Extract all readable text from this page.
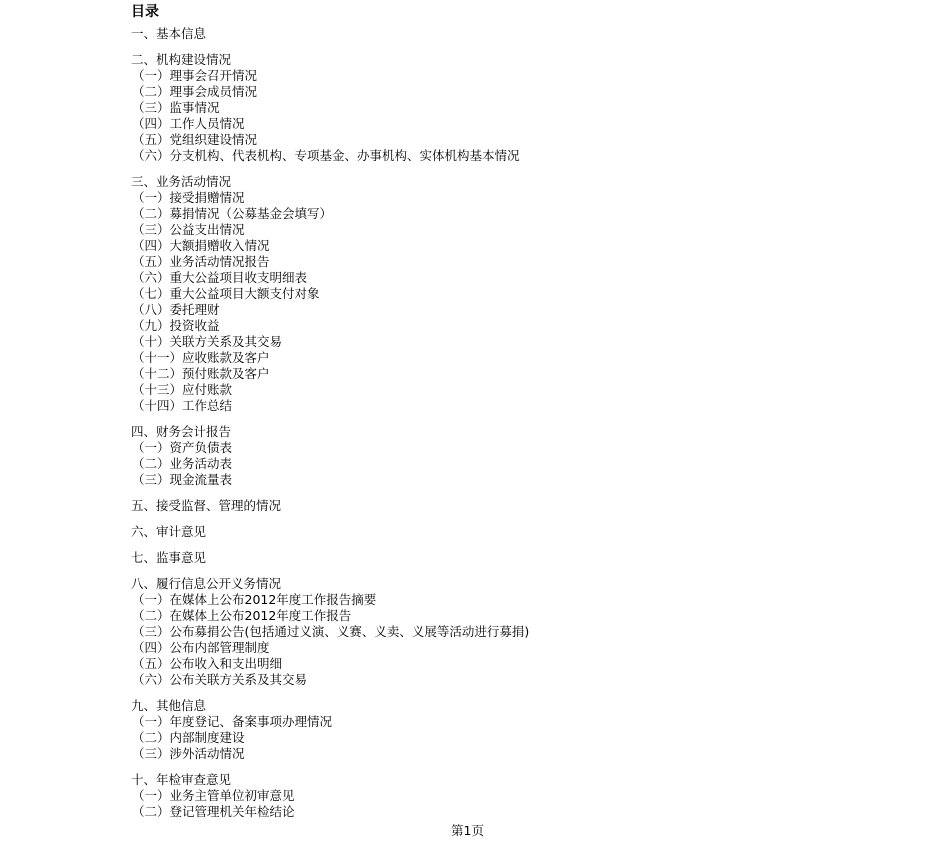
目录
一、基本信息
二、机构建设情况
（一）理事会召开情况
（二）理事会成员情况
（三）监事情况
（四）工作人员情况
（五）党组织建设情况
（六）分支机构、代表机构、专项基金、办事机构、实体机构基本情况
三、业务活动情况
（一）接受捐赠情况
（二）募捐情况（公募基金会填写）
（三）公益支出情况
（四）大额捐赠收入情况
（五）业务活动情况报告
（六）重大公益项目收支明细表
（七）重大公益项目大额支付对象
（八）委托理财
（九）投资收益
（十）关联方关系及其交易
（十一）应收账款及客户
（十二）预付账款及客户
（十三）应付账款
（十四）工作总结
四、财务会计报告
（一）资产负债表
（二）业务活动表
（三）现金流量表
五、接受监督、管理的情况
六、审计意见
七、监事意见
八、履行信息公开义务情况
（一）在媒体上公布2012年度工作报告摘要
（二）在媒体上公布2012年度工作报告
（三）公布募捐公告(包括通过义演、义赛、义卖、义展等活动进行募捐)
（四）公布内部管理制度
（五）公布收入和支出明细
（六）公布关联方关系及其交易
九、其他信息
（一）年度登记、备案事项办理情况
（二）内部制度建设
（三）涉外活动情况
十、年检审查意见
（一）业务主管单位初审意见
（二）登记管理机关年检结论
第1页
